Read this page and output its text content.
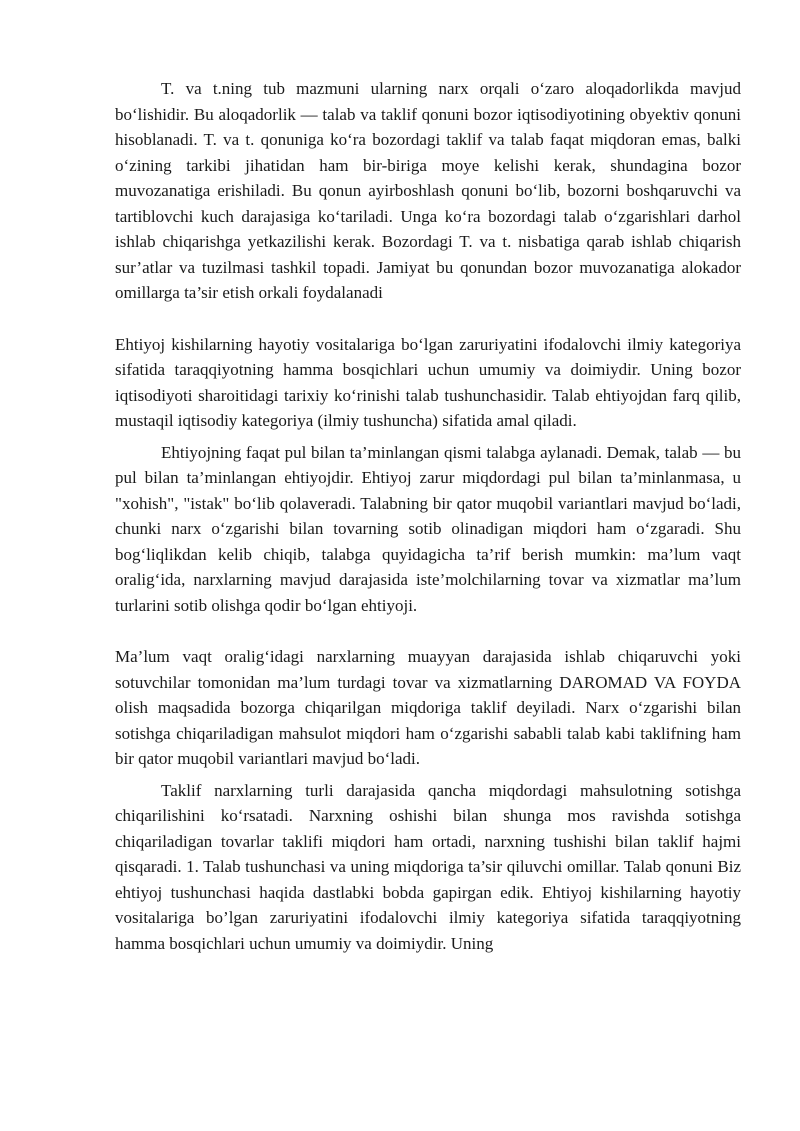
T. va t.ning tub mazmuni ularning narx orqali o‘zaro aloqadorlikda mavjud bo‘lishidir. Bu aloqadorlik — talab va taklif qonuni bozor iqtisodiyotining obyektiv qonuni hisoblanadi. T. va t. qonuniga ko‘ra bozordagi taklif va talab faqat miqdoran emas, balki o‘zining tarkibi jihatidan ham bir-biriga moye kelishi kerak, shundagina bozor muvozanatiga erishiladi. Bu qonun ayirboshlash qonuni bo‘lib, bozorni boshqaruvchi va tartiblovchi kuch darajasiga ko‘tariladi. Unga ko‘ra bozordagi talab o‘zgarishlari darhol ishlab chiqarishga yetkazilishi kerak. Bozordagi T. va t. nisbatiga qarab ishlab chiqarish sur’atlar va tuzilmasi tashkil topadi. Jamiyat bu qonundan bozor muvozanatiga alokador omillarga ta’sir etish orkali foydalanadi

Ehtiyoj kishilarning hayotiy vositalariga bo‘lgan zaruriyatini ifodalovchi ilmiy kategoriya sifatida taraqqiyotning hamma bosqichlari uchun umumiy va doimiydir. Uning bozor iqtisodiyoti sharoitidagi tarixiy ko‘rinishi talab tushunchasidir. Talab ehtiyojdan farq qilib, mustaqil iqtisodiy kategoriya (ilmiy tushuncha) sifatida amal qiladi.

Ehtiyojning faqat pul bilan ta’minlangan qismi talabga aylanadi. Demak, talab — bu pul bilan ta’minlangan ehtiyojdir. Ehtiyoj zarur miqdordagi pul bilan ta’minlanmasa, u "xohish", "istak" bo‘lib qolaveradi. Talabning bir qator muqobil variantlari mavjud bo‘ladi, chunki narx o‘zgarishi bilan tovarning sotib olinadigan miqdori ham o‘zgaradi. Shu bog‘liqlikdan kelib chiqib, talabga quyidagicha ta’rif berish mumkin: ma’lum vaqt oralig‘ida, narxlarning mavjud darajasida iste’molchilarning tovar va xizmatlar ma’lum turlarini sotib olishga qodir bo‘lgan ehtiyoji.

Ma’lum vaqt oralig‘idagi narxlarning muayyan darajasida ishlab chiqaruvchi yoki sotuvchilar tomonidan ma’lum turdagi tovar va xizmatlarning DAROMAD VA FOYDA olish maqsadida bozorga chiqarilgan miqdoriga taklif deyiladi. Narx o‘zgarishi bilan sotishga chiqariladigan mahsulot miqdori ham o‘zgarishi sababli talab kabi taklifning ham bir qator muqobil variantlari mavjud bo‘ladi.

Taklif narxlarning turli darajasida qancha miqdordagi mahsulotning sotishga chiqarilishini ko‘rsatadi. Narxning oshishi bilan shunga mos ravishda sotishga chiqariladigan tovarlar taklifi miqdori ham ortadi, narxning tushishi bilan taklif hajmi qisqaradi. 1. Talab tushunchasi va uning miqdoriga ta’sir qiluvchi omillar. Talab qonuni Biz ehtiyoj tushunchasi haqida dastlabki bobda gapirgan edik. Ehtiyoj kishilarning hayotiy vositalariga bo’lgan zaruriyatini ifodalovchi ilmiy kategoriya sifatida taraqqiyotning hamma bosqichlari uchun umumiy va doimiydir. Uning
